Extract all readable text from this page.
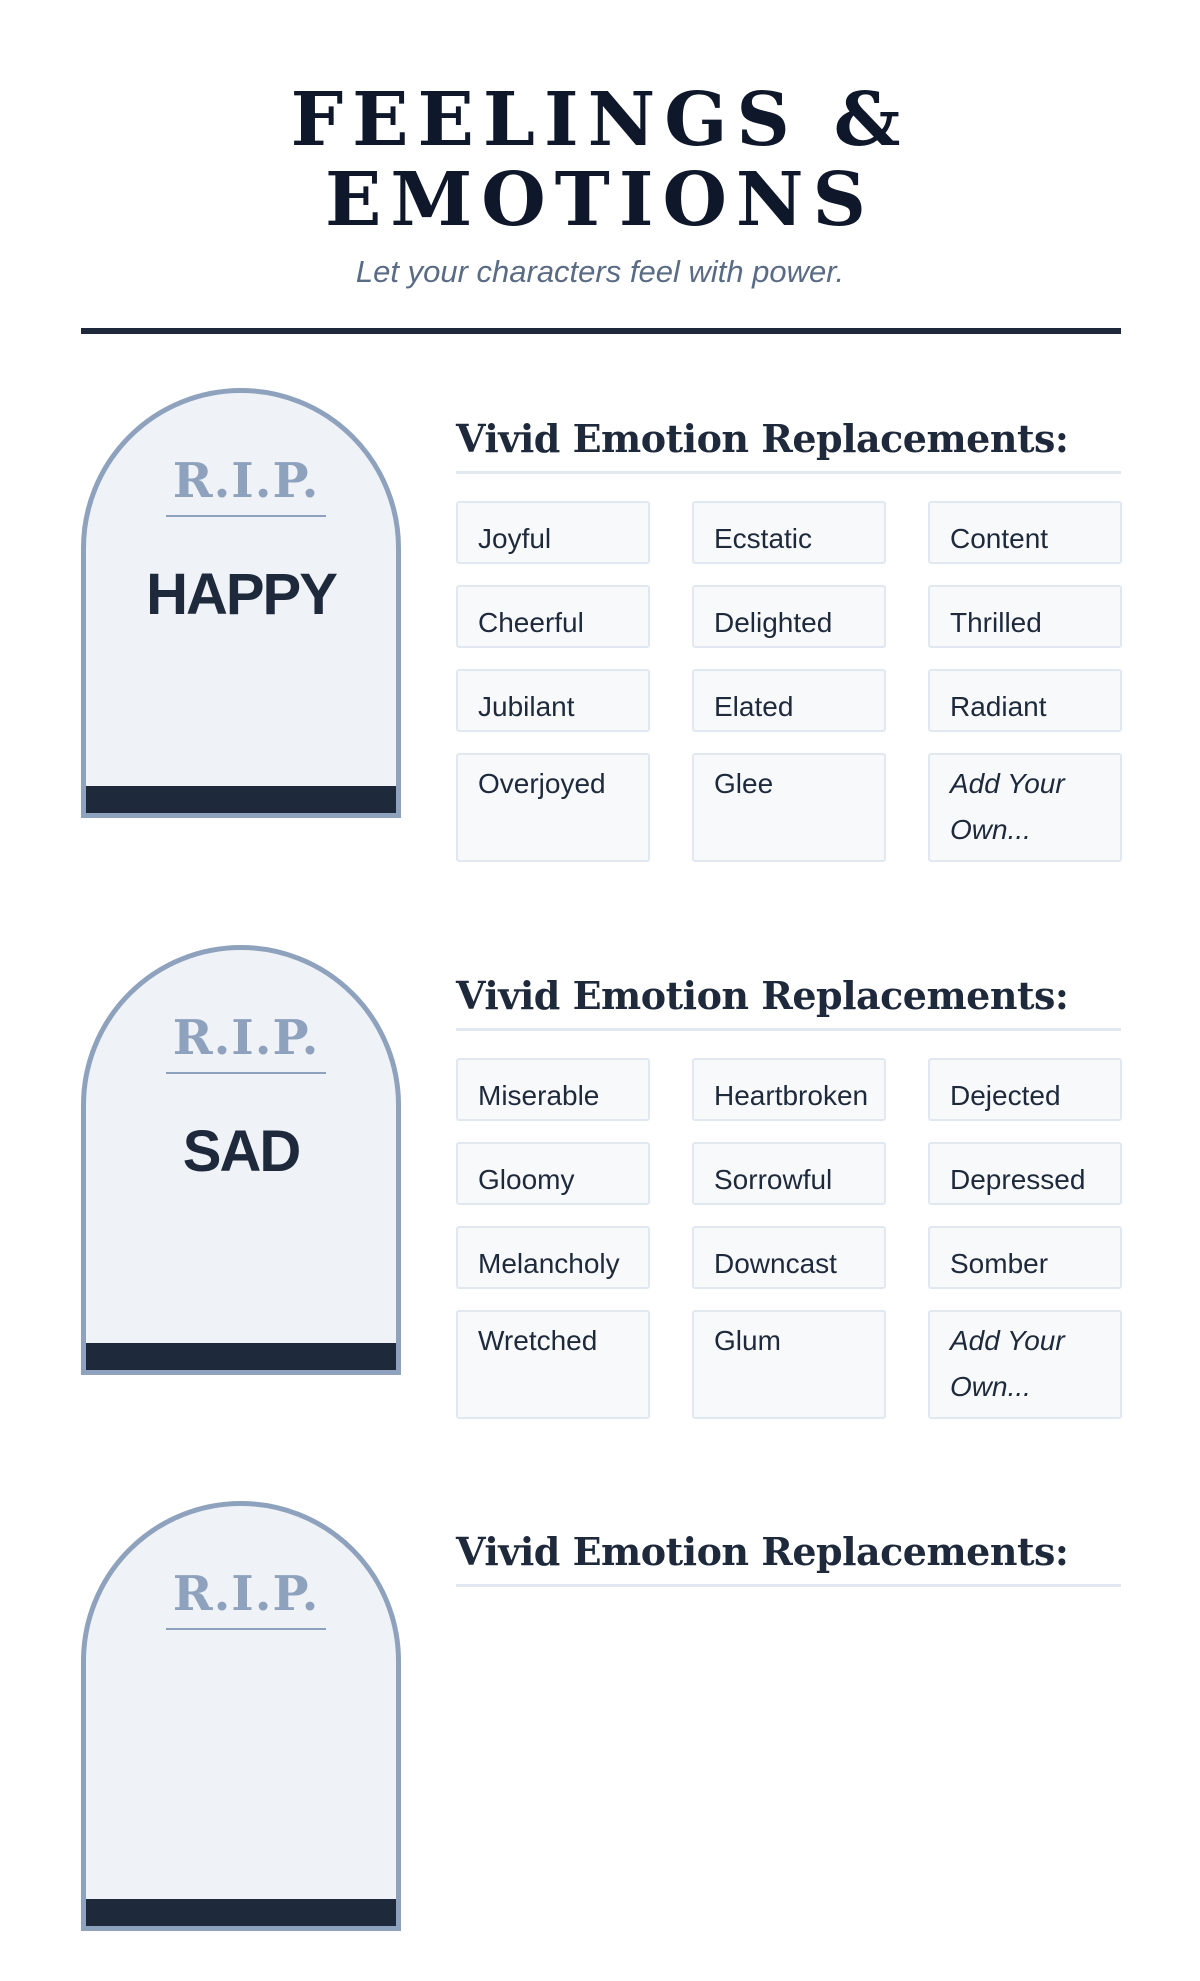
FEELINGS &
EMOTIONS
Let your characters feel with power.
R.I.P.
HAPPY
Vivid Emotion Replacements:
Joyful	Ecstatic	Content
Cheerful	Delighted	Thrilled
Jubilant	Elated	Radiant
Overjoyed	Glee	Add Your Own...
R.I.P.
SAD
Vivid Emotion Replacements:
Miserable	Heartbroken	Dejected
Gloomy	Sorrowful	Depressed
Melancholy	Downcast	Somber
Wretched	Glum	Add Your Own...
R.I.P.
Vivid Emotion Replacements:
